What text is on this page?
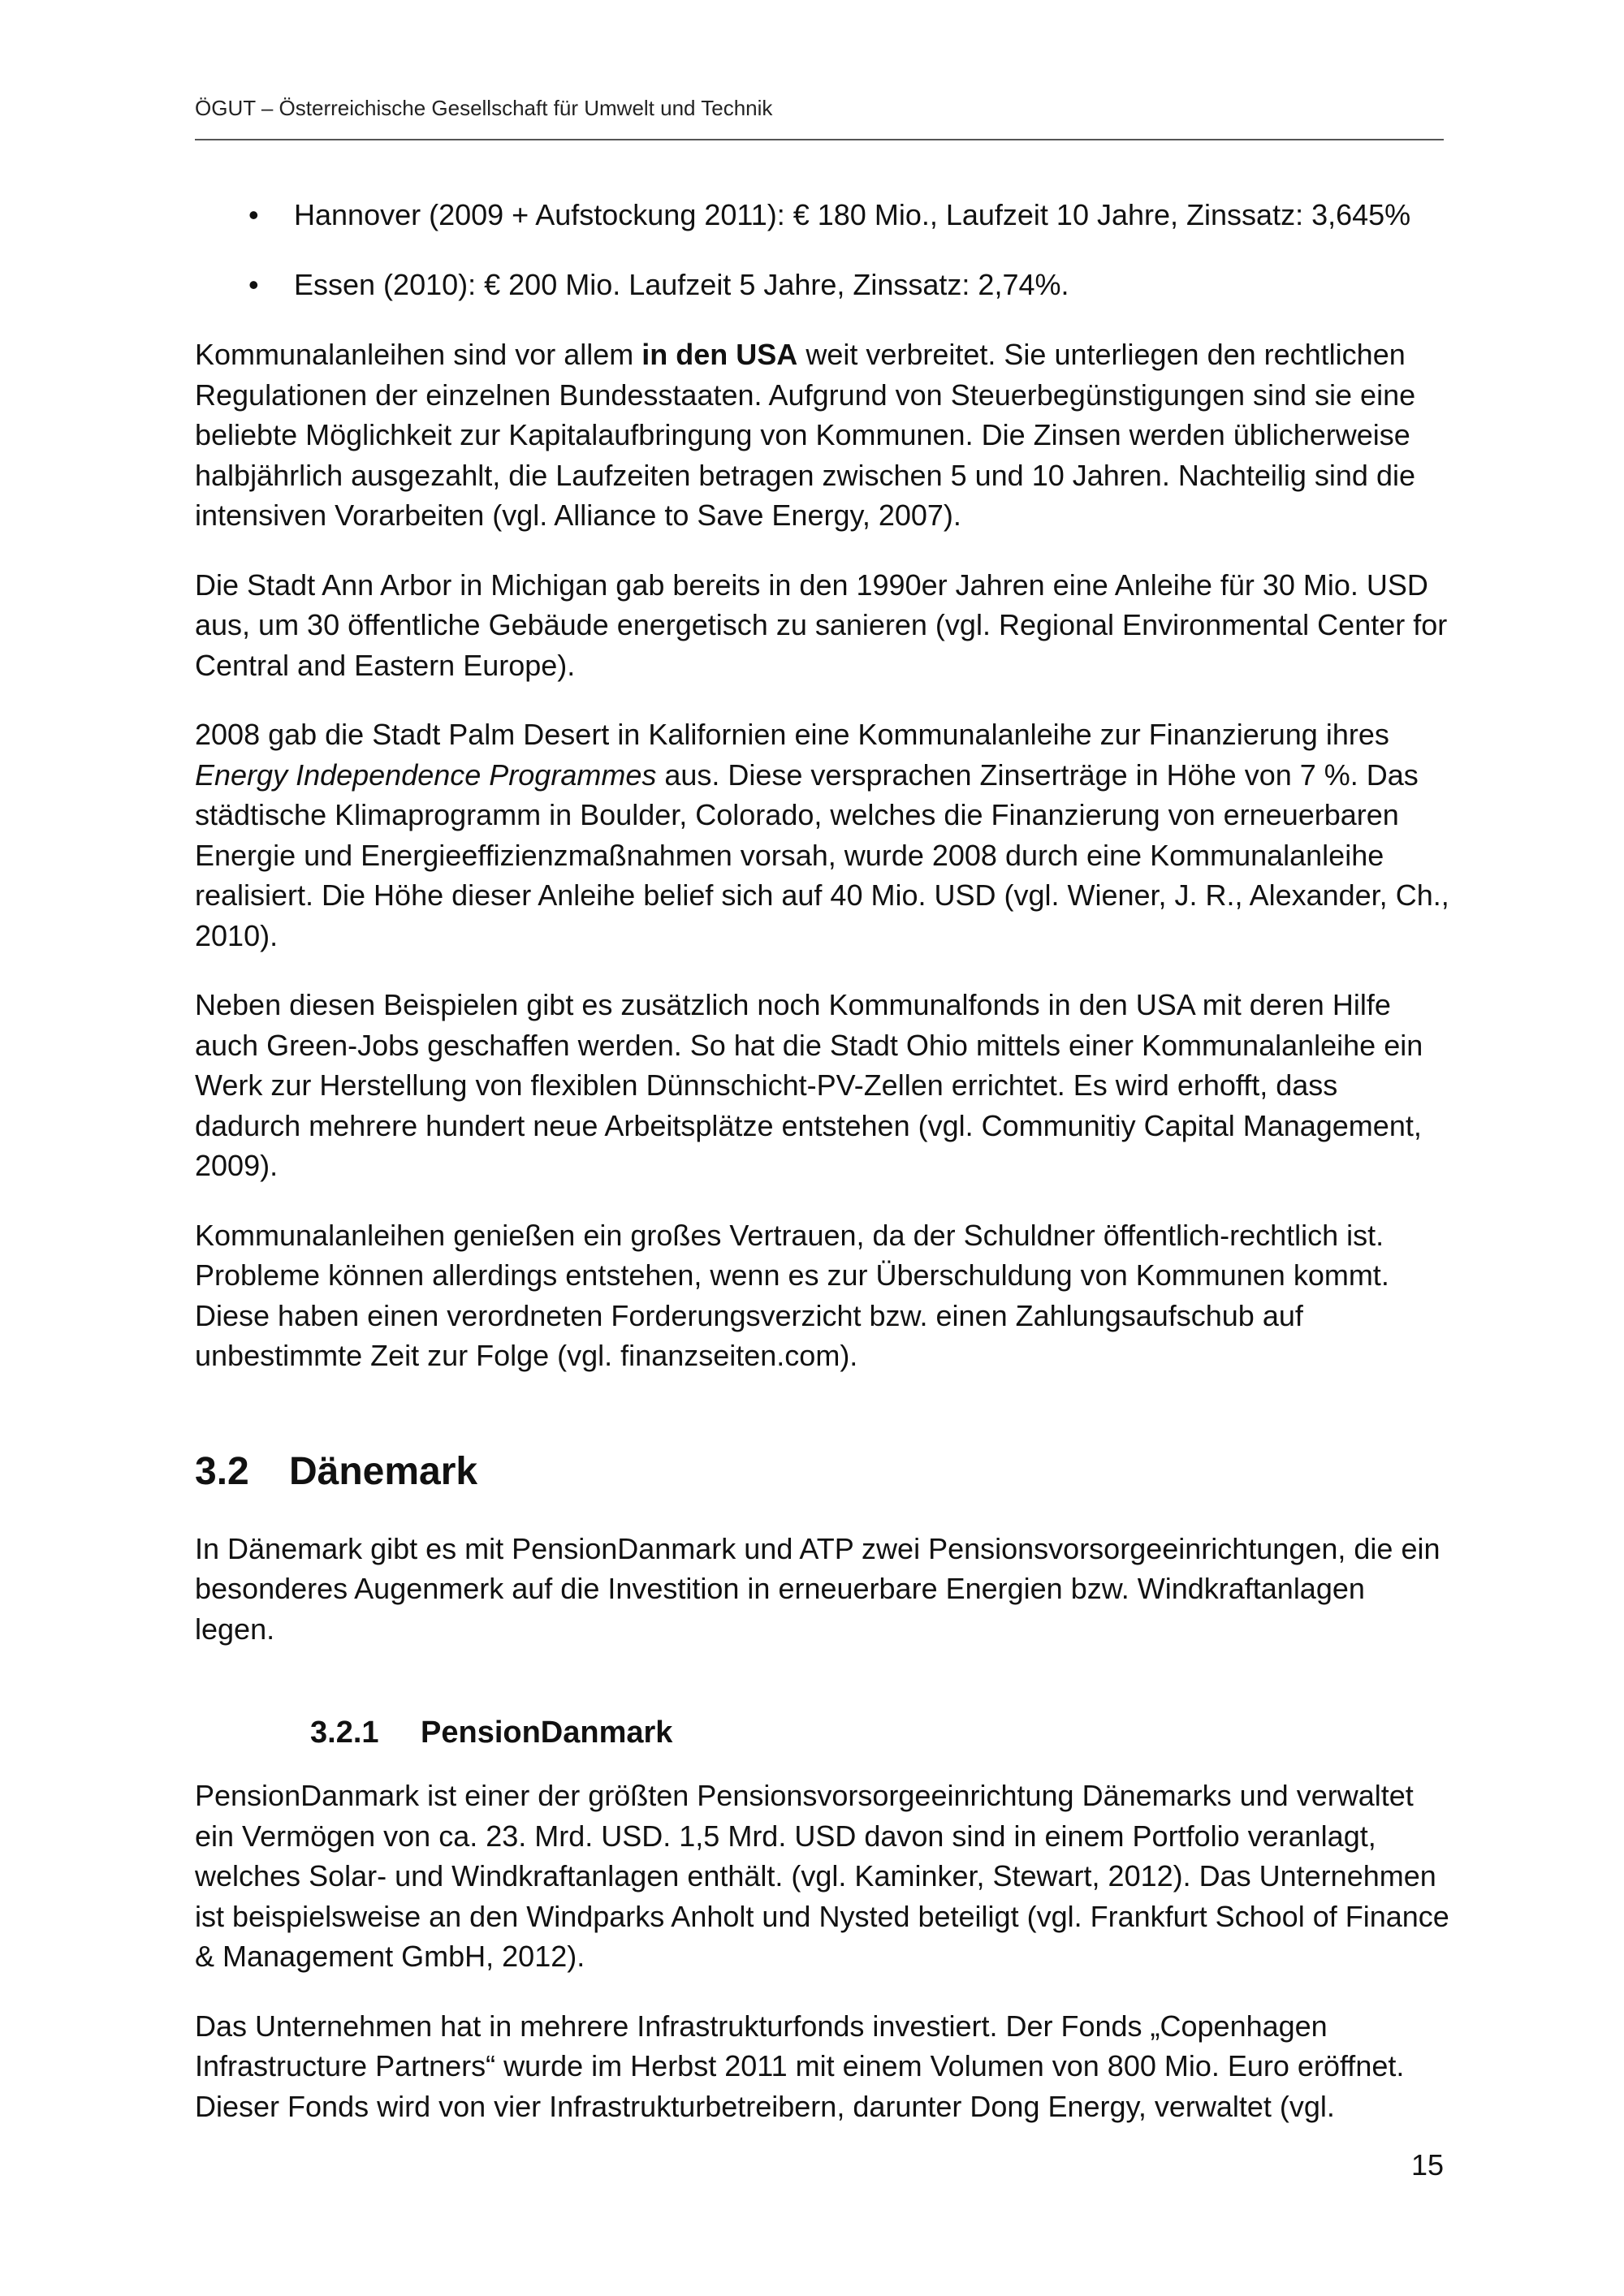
ÖGUT – Österreichische Gesellschaft für Umwelt und Technik
• Hannover (2009 + Aufstockung 2011): € 180 Mio., Laufzeit 10 Jahre, Zinssatz: 3,645%
• Essen (2010): € 200 Mio. Laufzeit 5 Jahre, Zinssatz: 2,74%.

Kommunalanleihen sind vor allem in den USA weit verbreitet. Sie unterliegen den rechtlichen Regulationen der einzelnen Bundesstaaten. Aufgrund von Steuerbegünstigungen sind sie eine beliebte Möglichkeit zur Kapitalaufbringung von Kommunen. Die Zinsen werden üblicherweise halbjährlich ausgezahlt, die Laufzeiten betragen zwischen 5 und 10 Jahren. Nachteilig sind die intensiven Vorarbeiten (vgl. Alliance to Save Energy, 2007).

Die Stadt Ann Arbor in Michigan gab bereits in den 1990er Jahren eine Anleihe für 30 Mio. USD aus, um 30 öffentliche Gebäude energetisch zu sanieren (vgl. Regional Environmental Center for Central and Eastern Europe).

2008 gab die Stadt Palm Desert in Kalifornien eine Kommunalanleihe zur Finanzierung ihres Energy Independence Programmes aus. Diese versprachen Zinserträge in Höhe von 7 %. Das städtische Klimaprogramm in Boulder, Colorado, welches die Finanzierung von erneuerbaren Energie und Energieeffizienzmaßnahmen vorsah, wurde 2008 durch eine Kommunalanleihe realisiert. Die Höhe dieser Anleihe belief sich auf 40 Mio. USD (vgl. Wiener, J. R., Alexander, Ch., 2010).

Neben diesen Beispielen gibt es zusätzlich noch Kommunalfonds in den USA mit deren Hilfe auch Green-Jobs geschaffen werden. So hat die Stadt Ohio mittels einer Kommunalanleihe ein Werk zur Herstellung von flexiblen Dünnschicht-PV-Zellen errichtet. Es wird erhofft, dass dadurch mehrere hundert neue Arbeitsplätze entstehen (vgl. Communitiy Capital Management, 2009).

Kommunalanleihen genießen ein großes Vertrauen, da der Schuldner öffentlich-rechtlich ist. Probleme können allerdings entstehen, wenn es zur Überschuldung von Kommunen kommt. Diese haben einen verordneten Forderungsverzicht bzw. einen Zahlungsaufschub auf unbestimmte Zeit zur Folge (vgl. finanzseiten.com).

3.2 Dänemark

In Dänemark gibt es mit PensionDanmark und ATP zwei Pensionsvorsorgeeinrichtungen, die ein besonderes Augenmerk auf die Investition in erneuerbare Energien bzw. Windkraftanlagen legen.

3.2.1 PensionDanmark

PensionDanmark ist einer der größten Pensionsvorsorgeeinrichtung Dänemarks und verwaltet ein Vermögen von ca. 23. Mrd. USD. 1,5 Mrd. USD davon sind in einem Portfolio veranlagt, welches Solar- und Windkraftanlagen enthält. (vgl. Kaminker, Stewart, 2012). Das Unternehmen ist beispielsweise an den Windparks Anholt und Nysted beteiligt (vgl. Frankfurt School of Finance & Management GmbH, 2012).

Das Unternehmen hat in mehrere Infrastrukturfonds investiert. Der Fonds „Copenhagen Infrastructure Partners“ wurde im Herbst 2011 mit einem Volumen von 800 Mio. Euro eröffnet. Dieser Fonds wird von vier Infrastrukturbetreibern, darunter Dong Energy, verwaltet (vgl.

15
